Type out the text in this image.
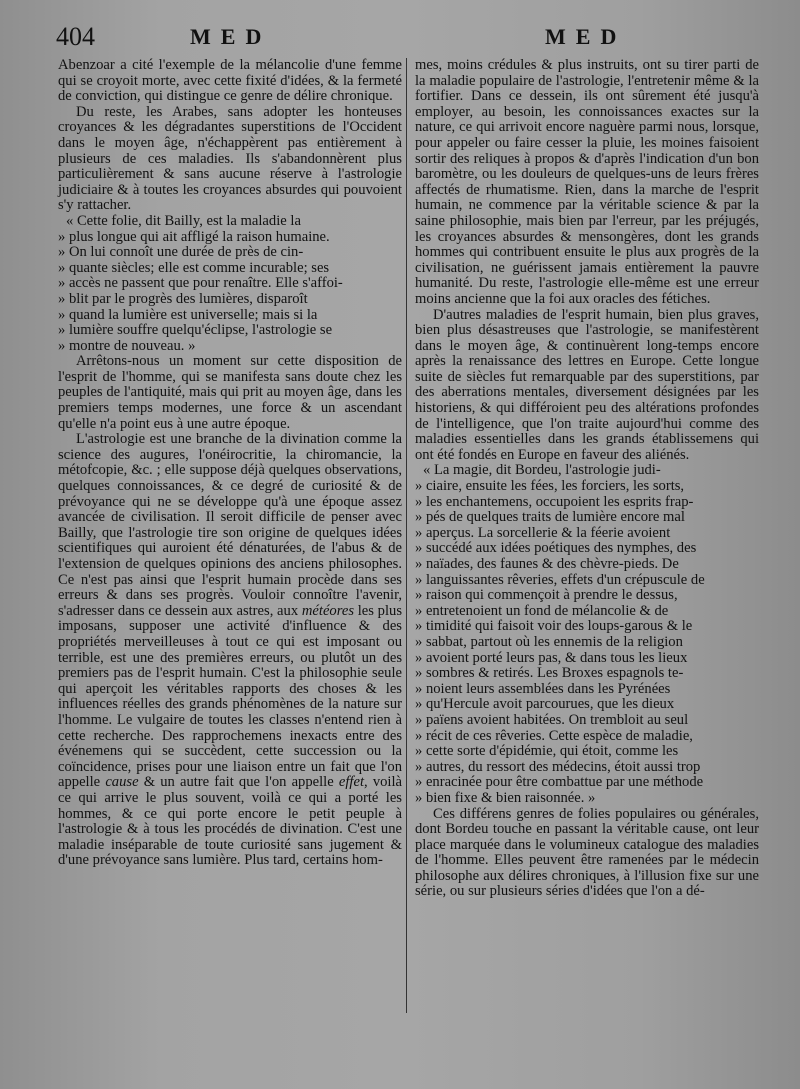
404	MED	MED

Abenzoar a cité l'exemple de la mélancolie d'une femme qui se croyoit morte, avec cette fixité d'idées, & la fermeté de conviction, qui distingue ce genre de délire chronique.

Du reste, les Arabes, sans adopter les honteuses croyances & les dégradantes superstitions de l'Occident dans le moyen âge, n'échappèrent pas entièrement à plusieurs de ces maladies. Ils s'abandonnèrent plus particulièrement & sans aucune réserve à l'astrologie judiciaire & à toutes les croyances absurdes qui pouvoient s'y rattacher.

« Cette folie, dit Bailly, est la maladie la
» plus longue qui ait affligé la raison humaine.
» On lui connoît une durée de près de cin-
» quante siècles; elle est comme incurable; ses
» accès ne passent que pour renaître. Elle s'affoi-
» blit par le progrès des lumières, disparoît
» quand la lumière est universelle; mais si la
» lumière souffre quelqu'éclipse, l'astrologie se
» montre de nouveau. »

Arrêtons-nous un moment sur cette disposition de l'esprit de l'homme, qui se manifesta sans doute chez les peuples de l'antiquité, mais qui prit au moyen âge, dans les premiers temps modernes, une force & un ascendant qu'elle n'a point eus à une autre époque.

L'astrologie est une branche de la divination comme la science des augures, l'onéirocritie, la chiromancie, la métofcopie, &c. ; elle suppose déjà quelques observations, quelques connoissances, & ce degré de curiosité & de prévoyance qui ne se développe qu'à une époque assez avancée de civilisation. Il seroit difficile de penser avec Bailly, que l'astrologie tire son origine de quelques idées scientifiques qui auroient été dénaturées, de l'abus & de l'extension de quelques opinions des anciens philosophes. Ce n'est pas ainsi que l'esprit humain procède dans ses erreurs & dans ses progrès. Vouloir connoître l'avenir, s'adresser dans ce dessein aux astres, aux météores les plus imposans, supposer une activité d'influence & des propriétés merveilleuses à tout ce qui est imposant ou terrible, est une des premières erreurs, ou plutôt un des premiers pas de l'esprit humain. C'est la philosophie seule qui aperçoit les véritables rapports des choses & les influences réelles des grands phénomènes de la nature sur l'homme. Le vulgaire de toutes les classes n'entend rien à cette recherche. Des rapprochemens inexacts entre des événemens qui se succèdent, cette succession ou la coïncidence, prises pour une liaison entre un fait que l'on appelle cause & un autre fait que l'on appelle effet, voilà ce qui arrive le plus souvent, voilà ce qui a porté les hommes, & ce qui porte encore le petit peuple à l'astrologie & à tous les procédés de divination. C'est une maladie inséparable de toute curiosité sans jugement & d'une prévoyance sans lumière. Plus tard, certains hom-

mes, moins crédules & plus instruits, ont su tirer parti de la maladie populaire de l'astrologie, l'entretenir même & la fortifier. Dans ce dessein, ils ont sûrement été jusqu'à employer, au besoin, les connoissances exactes sur la nature, ce qui arrivoit encore naguère parmi nous, lorsque, pour appeler ou faire cesser la pluie, les moines faisoient sortir des reliques à propos & d'après l'indication d'un bon baromètre, ou les douleurs de quelques-uns de leurs frères affectés de rhumatisme. Rien, dans la marche de l'esprit humain, ne commence par la véritable science & par la saine philosophie, mais bien par l'erreur, par les préjugés, les croyances absurdes & mensongères, dont les grands hommes qui contribuent ensuite le plus aux progrès de la civilisation, ne guérissent jamais entièrement la pauvre humanité. Du reste, l'astrologie elle-même est une erreur moins ancienne que la foi aux oracles des fétiches.

D'autres maladies de l'esprit humain, bien plus graves, bien plus désastreuses que l'astrologie, se manifestèrent dans le moyen âge, & continuèrent long-temps encore après la renaissance des lettres en Europe. Cette longue suite de siècles fut remarquable par des superstitions, par des aberrations mentales, diversement désignées par les historiens, & qui différoient peu des altérations profondes de l'intelligence, que l'on traite aujourd'hui comme des maladies essentielles dans les grands établissemens qui ont été fondés en Europe en faveur des aliénés.

« La magie, dit Bordeu, l'astrologie judi-
» ciaire, ensuite les fées, les forciers, les sorts,
» les enchantemens, occupoient les esprits frap-
» pés de quelques traits de lumière encore mal
» aperçus. La sorcellerie & la féerie avoient
» succédé aux idées poétiques des nymphes, des
» naïades, des faunes & des chèvre-pieds. De
» languissantes rêveries, effets d'un crépuscule de
» raison qui commençoit à prendre le dessus,
» entretenoient un fond de mélancolie & de
» timidité qui faisoit voir des loups-garous & le
» sabbat, partout où les ennemis de la religion
» avoient porté leurs pas, & dans tous les lieux
» sombres & retirés. Les Broxes espagnols te-
» noient leurs assemblées dans les Pyrénées
» qu'Hercule avoit parcourues, que les dieux
» païens avoient habitées. On trembloit au seul
» récit de ces rêveries. Cette espèce de maladie,
» cette sorte d'épidémie, qui étoit, comme les
» autres, du ressort des médecins, étoit aussi trop
» enracinée pour être combattue par une méthode
» bien fixe & bien raisonnée. »

Ces différens genres de folies populaires ou générales, dont Bordeu touche en passant la véritable cause, ont leur place marquée dans le volumineux catalogue des maladies de l'homme. Elles peuvent être ramenées par le médecin philosophe aux délires chroniques, à l'illusion fixe sur une série, ou sur plusieurs séries d'idées que l'on a dé-
